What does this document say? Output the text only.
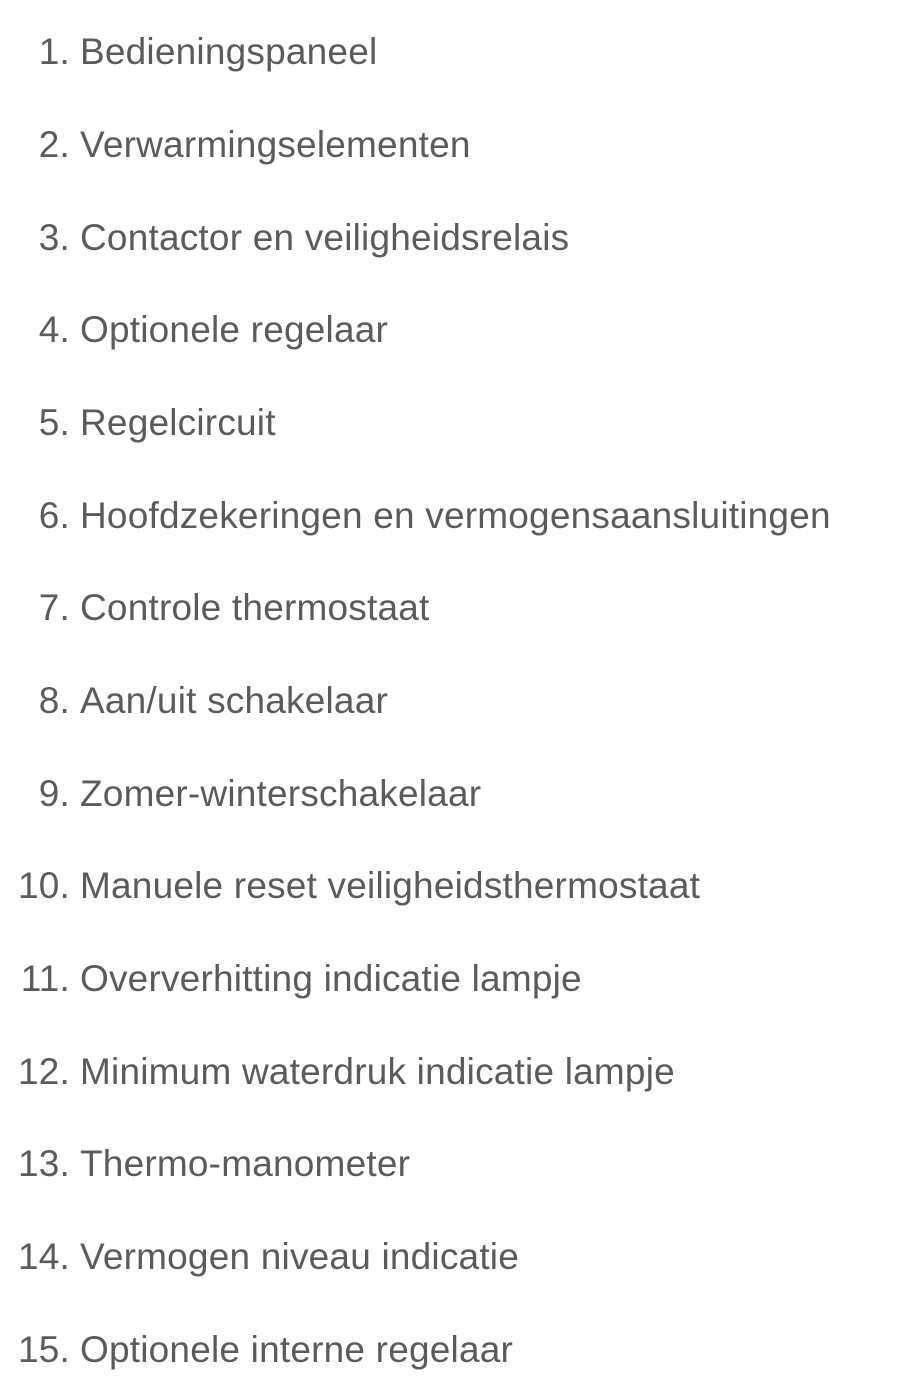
1. Bedieningspaneel
2. Verwarmingselementen
3. Contactor en veiligheidsrelais
4. Optionele regelaar
5. Regelcircuit
6. Hoofdzekeringen en vermogensaansluitingen
7. Controle thermostaat
8. Aan/uit schakelaar
9. Zomer-winterschakelaar
10. Manuele reset veiligheidsthermostaat
11. Oververhitting indicatie lampje
12. Minimum waterdruk indicatie lampje
13. Thermo-manometer
14. Vermogen niveau indicatie
15. Optionele interne regelaar
